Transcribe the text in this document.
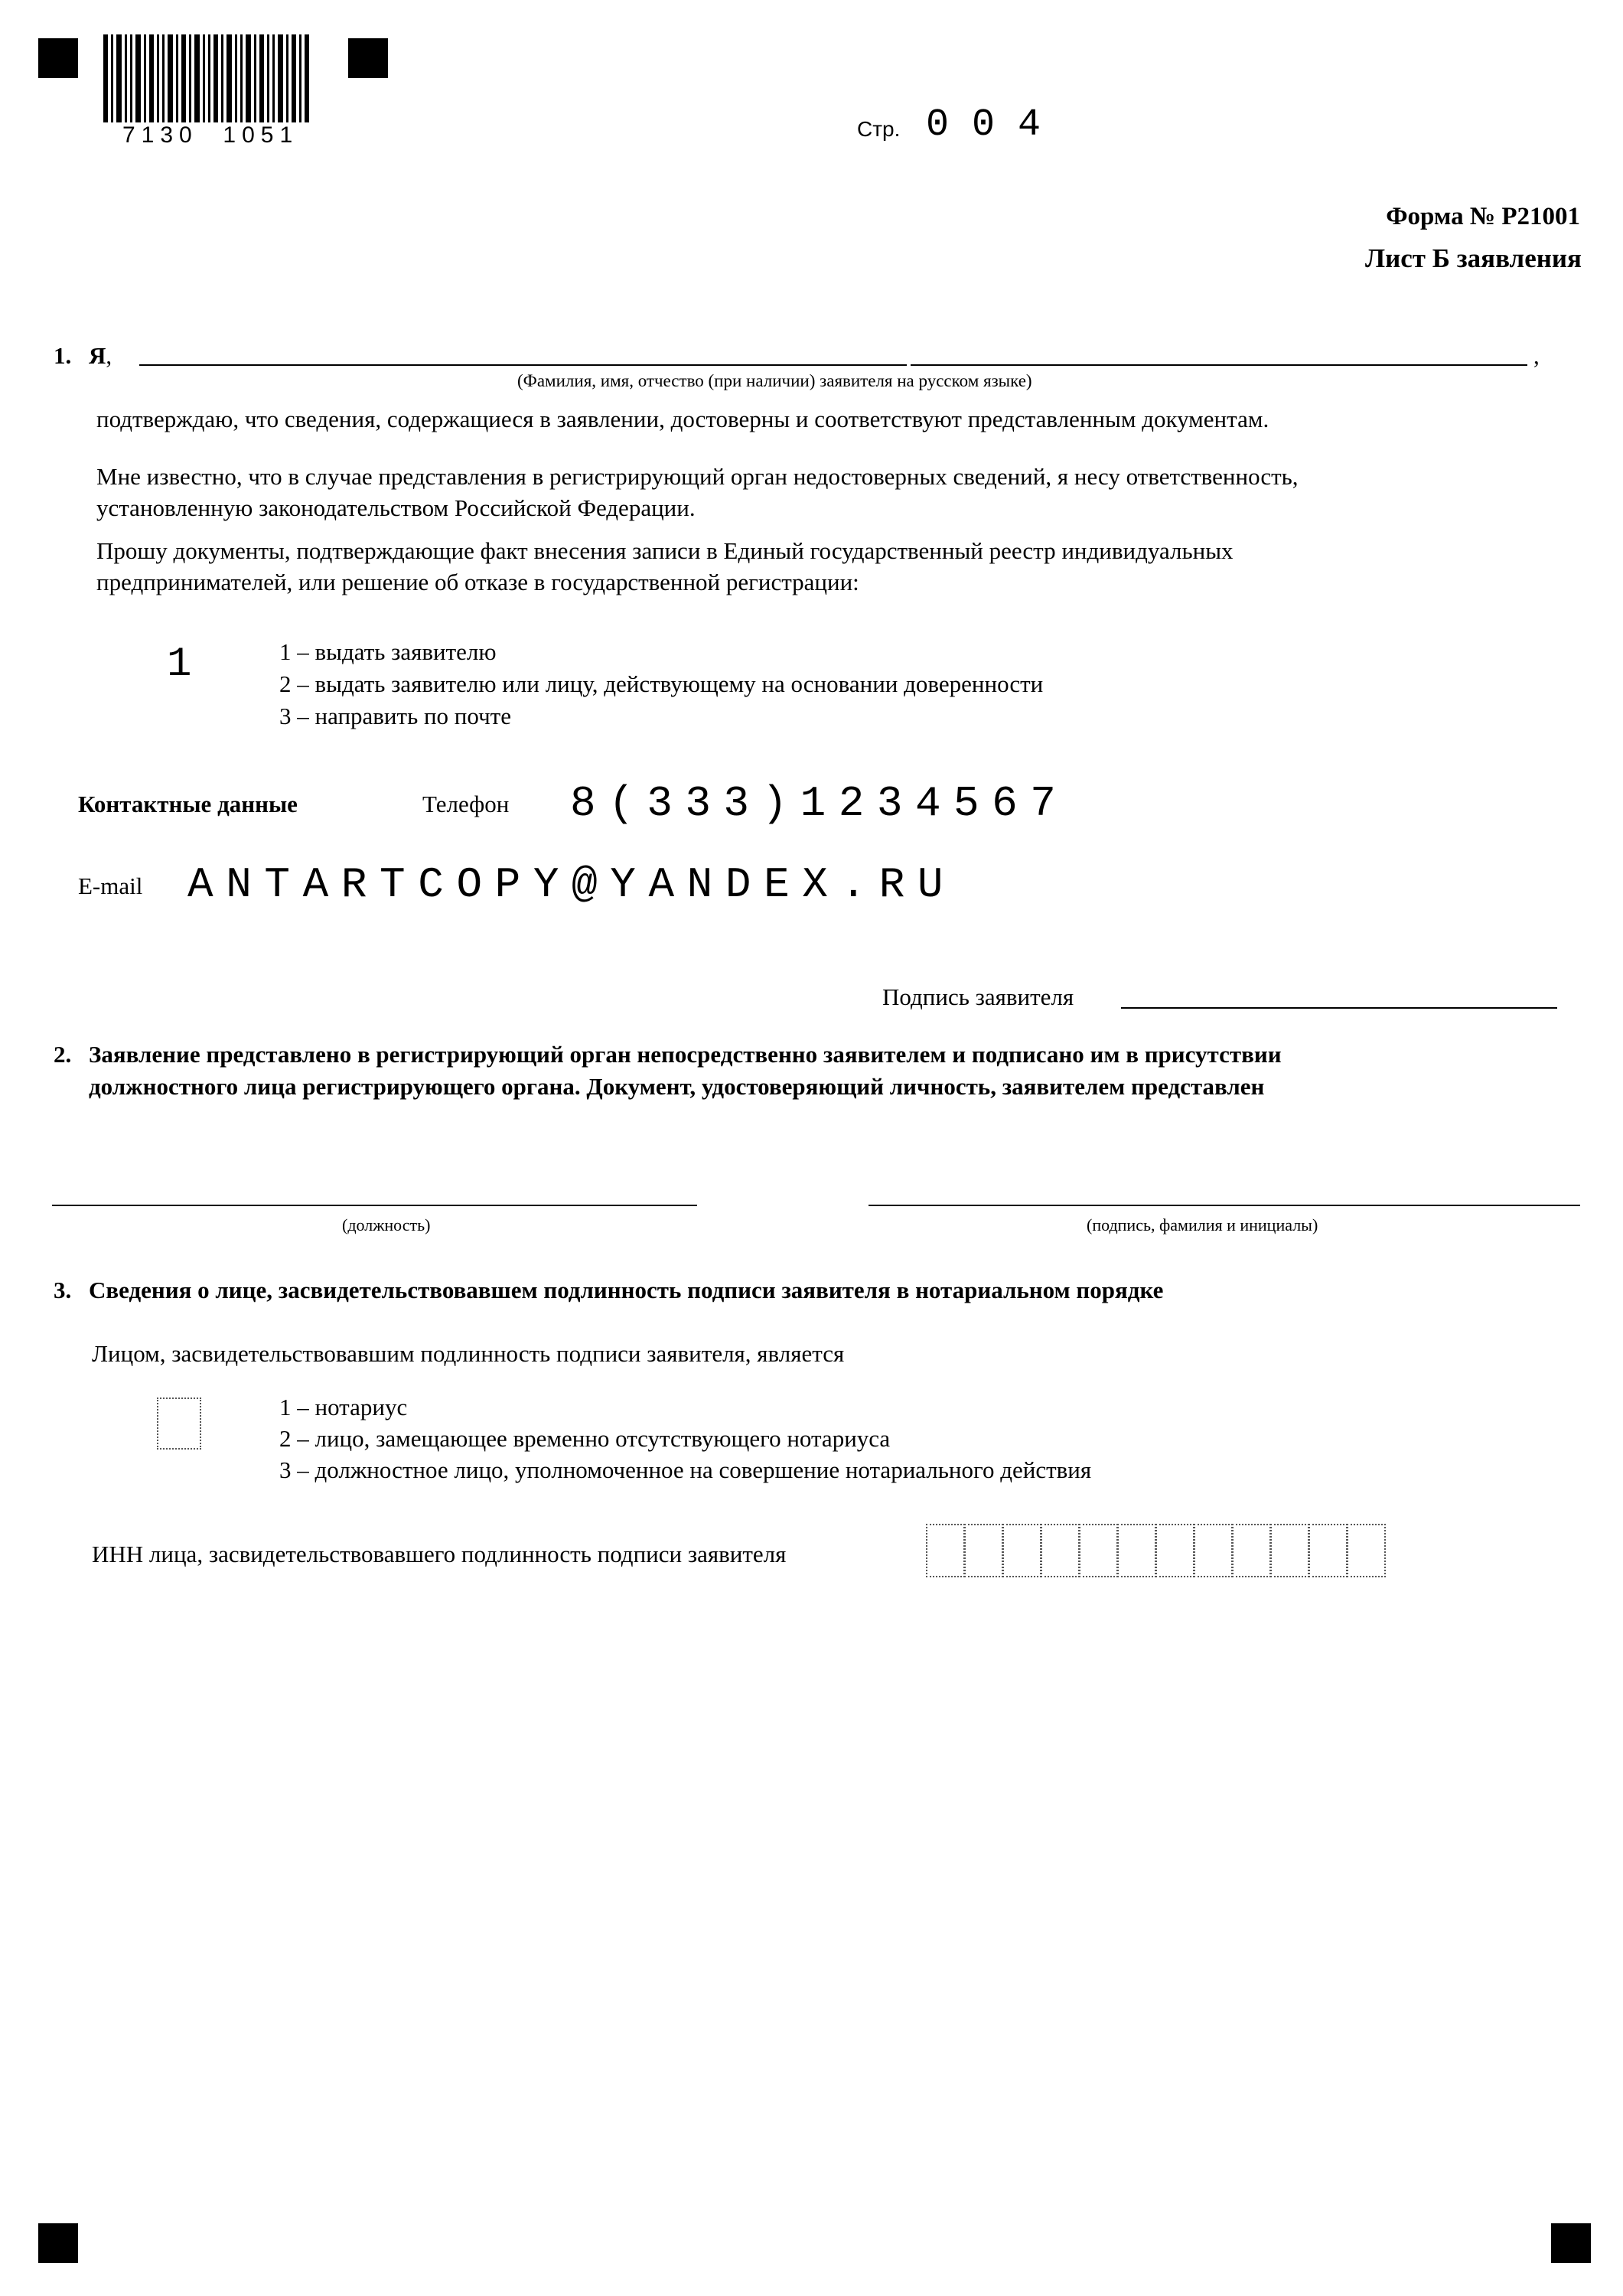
7130  1051	Стр. 0 0 4
Форма № Р21001
Лист Б заявления
1. Я,	,
(Фамилия, имя, отчество (при наличии) заявителя на русском языке)
подтверждаю, что сведения, содержащиеся в заявлении, достоверны и соответствуют представленным документам.
Мне известно, что в случае представления в регистрирующий орган недостоверных сведений, я несу ответственность,
установленную законодательством Российской Федерации.
Прошу документы, подтверждающие факт внесения записи в Единый государственный реестр индивидуальных
предпринимателей, или решение об отказе в государственной регистрации:
1	1 – выдать заявителю
2 – выдать заявителю или лицу, действующему на основании доверенности
3 – направить по почте
Контактные данные	Телефон 8(333)1234567
E-mail ANTARTCOPY@YANDEX.RU
Подпись заявителя
2. Заявление представлено в регистрирующий орган непосредственно заявителем и подписано им в присутствии
должностного лица регистрирующего органа. Документ, удостоверяющий личность, заявителем представлен
(должность)	(подпись, фамилия и инициалы)
3. Сведения о лице, засвидетельствовавшем подлинность подписи заявителя в нотариальном порядке
Лицом, засвидетельствовавшим подлинность подписи заявителя, является
1 – нотариус
2 – лицо, замещающее временно отсутствующего нотариуса
3 – должностное лицо, уполномоченное на совершение нотариального действия
ИНН лица, засвидетельствовавшего подлинность подписи заявителя
